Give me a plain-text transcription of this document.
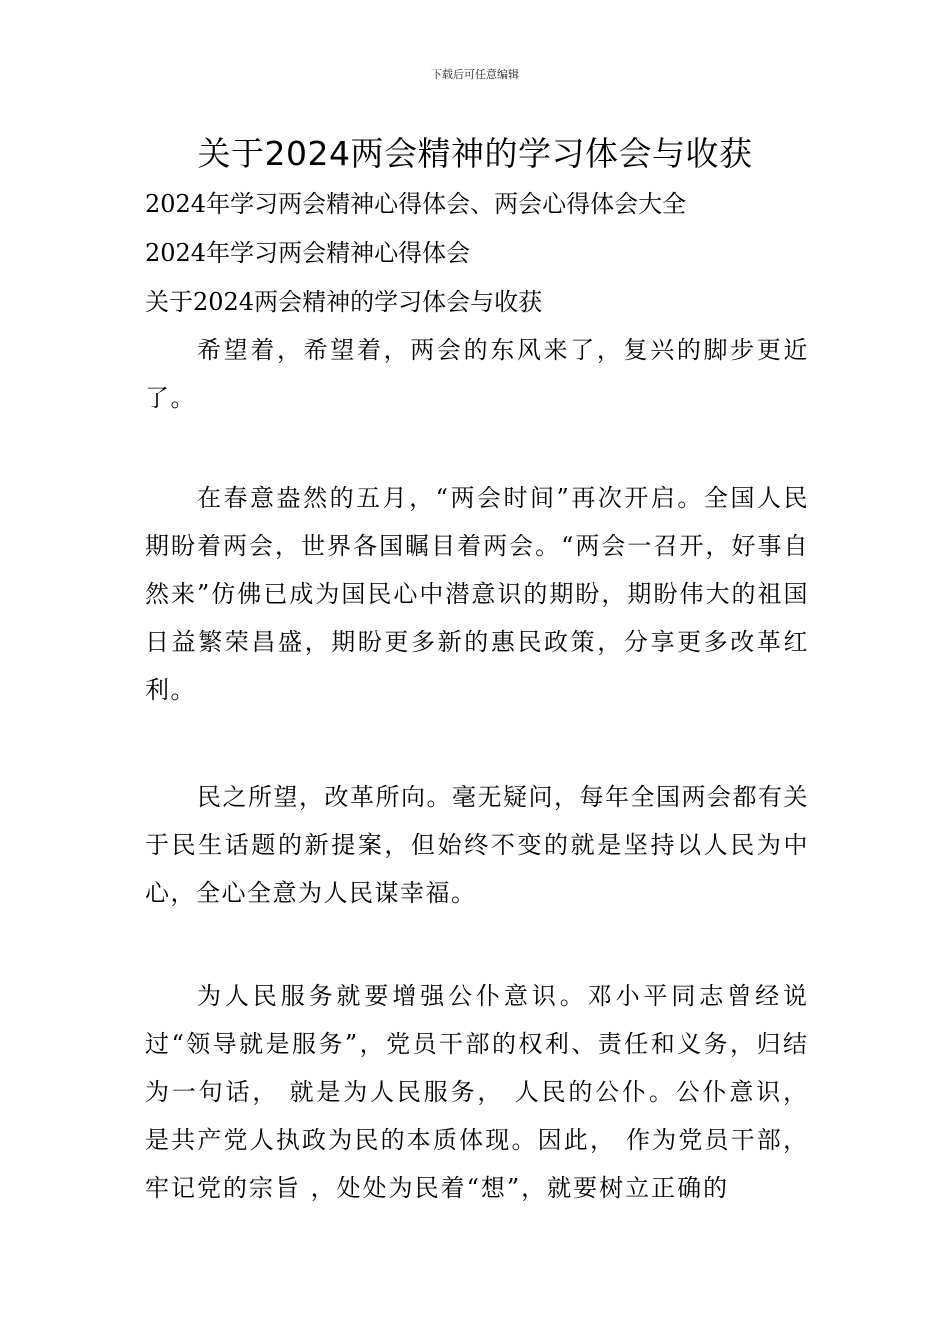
下载后可任意编辑
关于2024两会精神的学习体会与收获
2024年学习两会精神心得体会、两会心得体会大全
2024年学习两会精神心得体会
关于2024两会精神的学习体会与收获
希望着，希望着，两会的东风来了，复兴的脚步更近了。
在春意盎然的五月，“两会时间”再次开启。全国人民期盼着两会，世界各国瞩目着两会。“两会一召开，好事自然来”仿佛已成为国民心中潜意识的期盼，期盼伟大的祖国日益繁荣昌盛，期盼更多新的惠民政策，分享更多改革红利。
民之所望，改革所向。毫无疑问，每年全国两会都有关于民生话题的新提案，但始终不变的就是坚持以人民为中心，全心全意为人民谋幸福。
为人民服务就要增强公仆意识。邓小平同志曾经说过“领导就是服务”，党员干部的权利、责任和义务，归结为一句话， 就是为人民服务， 人民的公仆。公仆意识，是共产党人执政为民的本质体现。因此， 作为党员干部，牢记党的宗旨 ，处处为民着“想”，就要树立正确的
